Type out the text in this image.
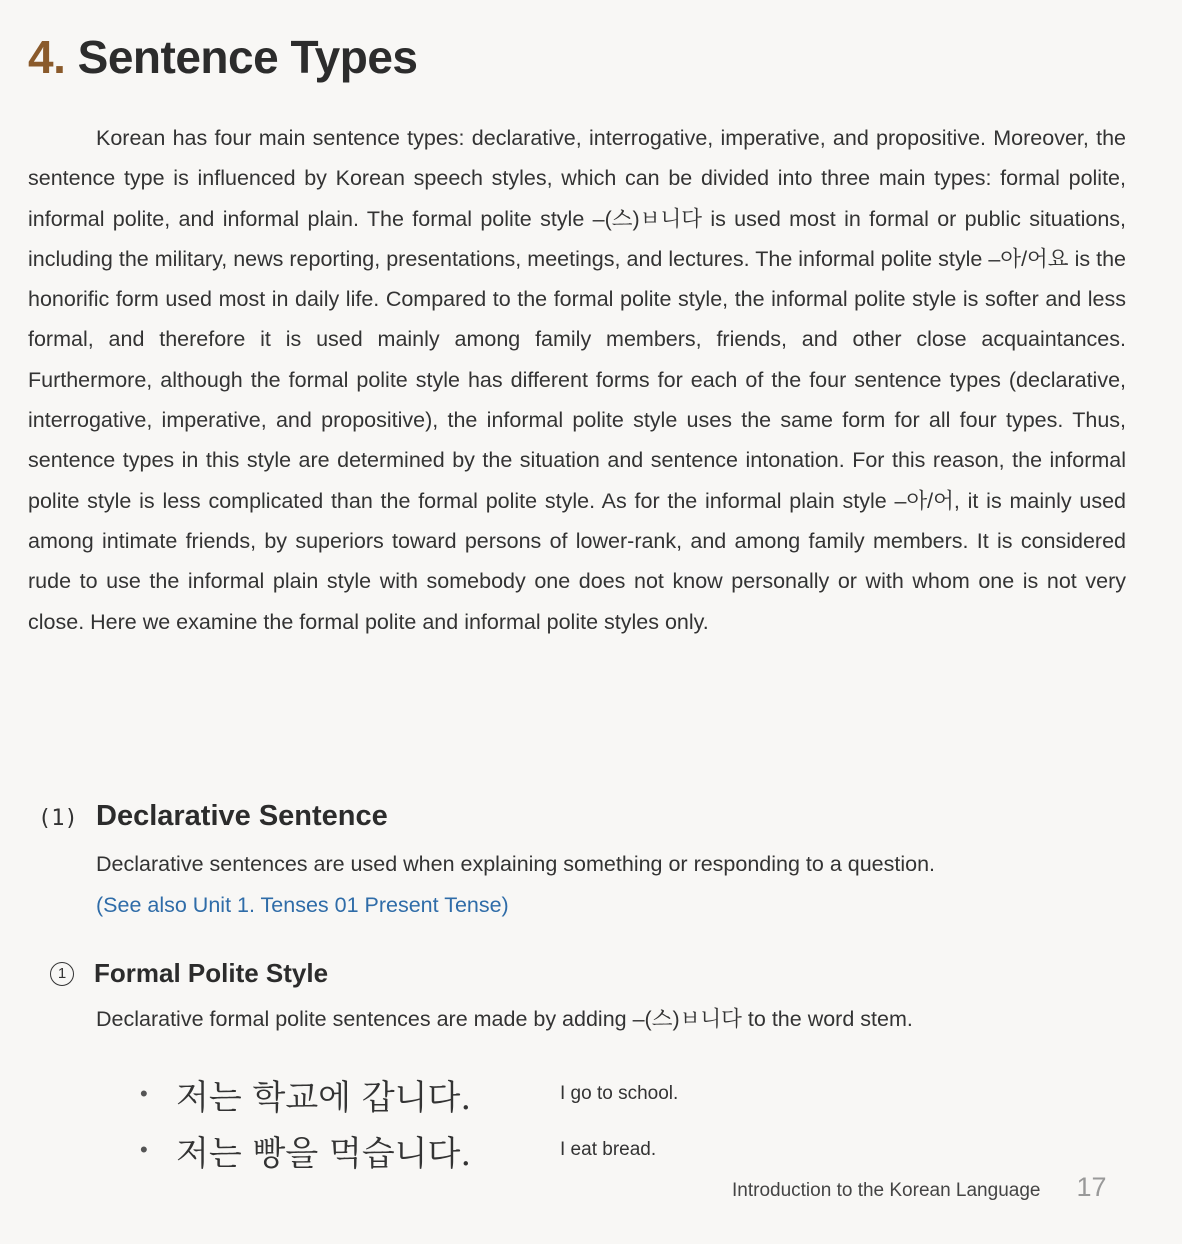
4. Sentence Types

Korean has four main sentence types: declarative, interrogative, imperative, and propositive. Moreover, the sentence type is influenced by Korean speech styles, which can be divided into three main types: formal polite, informal polite, and informal plain. The formal polite style –(스)ㅂ니다 is used most in formal or public situations, including the military, news reporting, presentations, meetings, and lectures. The informal polite style –아/어요 is the honorific form used most in daily life. Compared to the formal polite style, the informal polite style is softer and less formal, and therefore it is used mainly among family members, friends, and other close acquaintances. Furthermore, although the formal polite style has different forms for each of the four sentence types (declarative, interrogative, imperative, and propositive), the informal polite style uses the same form for all four types. Thus, sentence types in this style are determined by the situation and sentence intonation. For this reason, the informal polite style is less complicated than the formal polite style. As for the informal plain style –아/어, it is mainly used among intimate friends, by superiors toward persons of lower-rank, and among family members. It is considered rude to use the informal plain style with somebody one does not know personally or with whom one is not very close. Here we examine the formal polite and informal polite styles only.

(1) Declarative Sentence

Declarative sentences are used when explaining something or responding to a question.

(See also Unit 1. Tenses 01 Present Tense)

1	Formal Polite Style

Declarative formal polite sentences are made by adding –(스)ㅂ니다 to the word stem.

• 저는 학교에 갑니다.	I go to school.
• 저는 빵을 먹습니다.	I eat bread.
Introduction to the Korean Language 17
